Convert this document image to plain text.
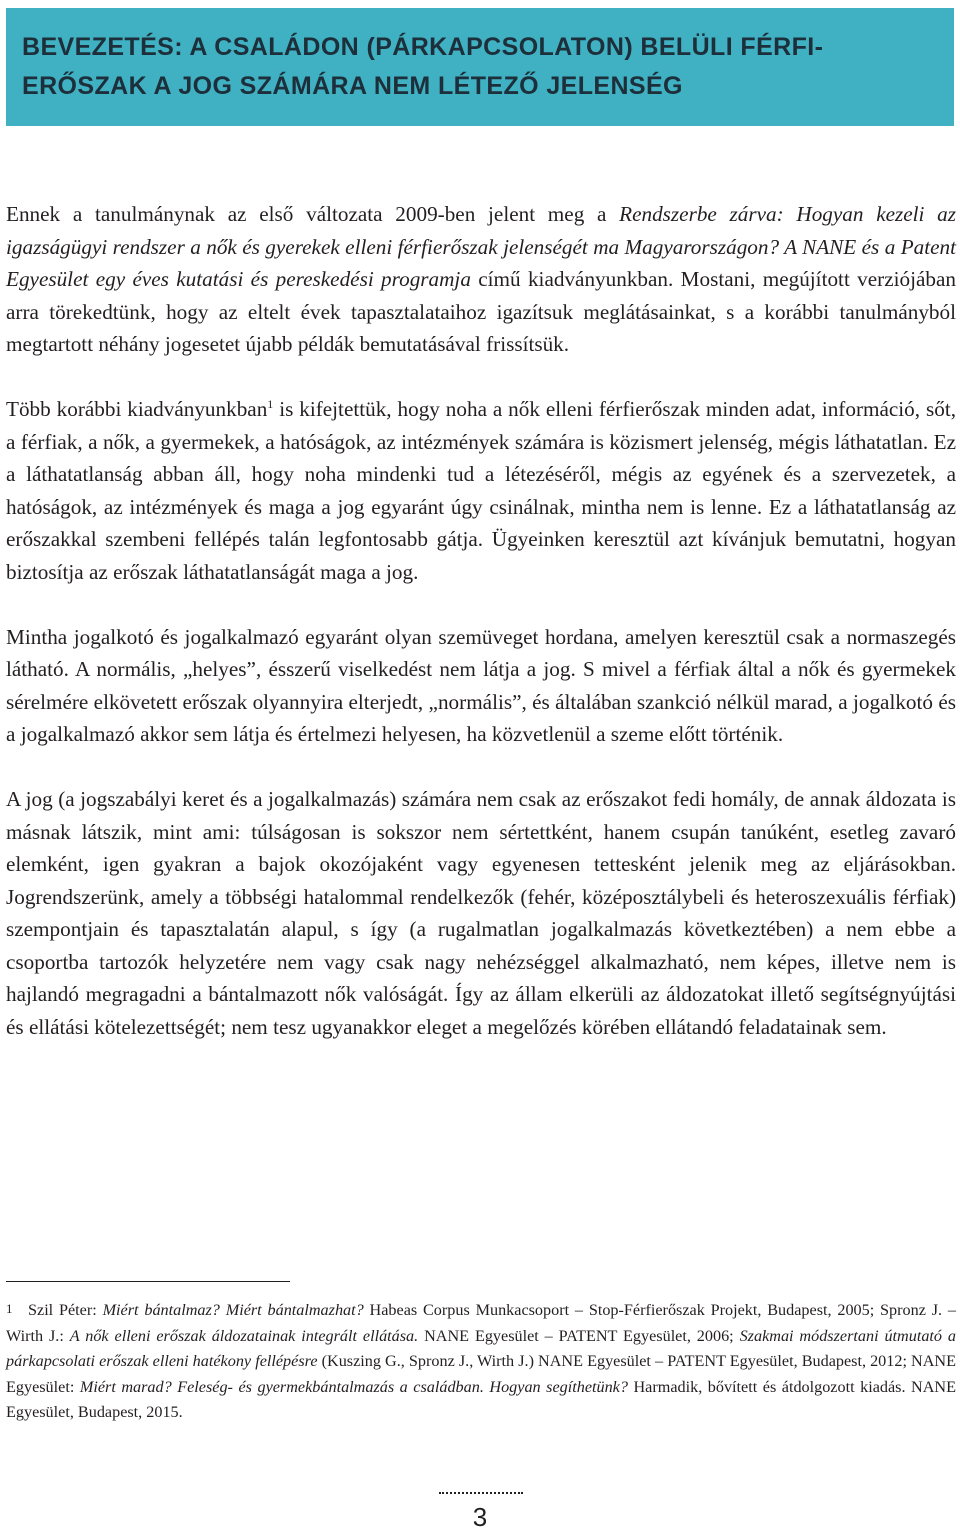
BEVEZETÉS: A CSALÁDON (PÁRKAPCSOLATON) BELÜLI FÉRFI-ERŐSZAK A JOG SZÁMÁRA NEM LÉTEZŐ JELENSÉG

Ennek a tanulmánynak az első változata 2009-ben jelent meg a Rendszerbe zárva: Hogyan kezeli az igazságügyi rendszer a nők és gyerekek elleni férfierőszak jelenségét ma Magyarországon? A NANE és a Patent Egyesület egy éves kutatási és pereskedési programja című kiadványunkban. Mostani, megújított verziójában arra törekedtünk, hogy az eltelt évek tapasztalataihoz igazítsuk meglátásainkat, s a korábbi tanulmányból megtartott néhány jogesetet újabb példák bemutatásával frissítsük.

Több korábbi kiadványunkban$^1$ is kifejtettük, hogy noha a nők elleni férfierőszak minden adat, információ, sőt, a férfiak, a nők, a gyermekek, a hatóságok, az intézmények számára is közismert jelenség, mégis láthatatlan. Ez a láthatatlanság abban áll, hogy noha mindenki tud a létezéséről, mégis az egyének és a szervezetek, a hatóságok, az intézmények és maga a jog egyaránt úgy csinálnak, mintha nem is lenne. Ez a láthatatlanság az erőszakkal szembeni fellépés talán legfontosabb gátja. Ügyeinken keresztül azt kívánjuk bemutatni, hogyan biztosítja az erőszak láthatatlanságát maga a jog.

Mintha jogalkotó és jogalkalmazó egyaránt olyan szemüveget hordana, amelyen keresztül csak a normaszegés látható. A normális, „helyes”, ésszerű viselkedést nem látja a jog. S mivel a férfiak által a nők és gyermekek sérelmére elkövetett erőszak olyannyira elterjedt, „normális”, és általában szankció nélkül marad, a jogalkotó és a jogalkalmazó akkor sem látja és értelmezi helyesen, ha közvetlenül a szeme előtt történik.

A jog (a jogszabályi keret és a jogalkalmazás) számára nem csak az erőszakot fedi homály, de annak áldozata is másnak látszik, mint ami: túlságosan is sokszor nem sértettként, hanem csupán tanúként, esetleg zavaró elemként, igen gyakran a bajok okozójaként vagy egyenesen tettesként jelenik meg az eljárásokban. Jogrendszerünk, amely a többségi hatalommal rendelkezők (fehér, középosztálybeli és heteroszexuális férfiak) szempontjain és tapasztalatán alapul, s így (a rugalmatlan jogalkalmazás következtében) a nem ebbe a csoportba tartozók helyzetére nem vagy csak nagy nehézséggel alkalmazható, nem képes, illetve nem is hajlandó megragadni a bántalmazott nők valóságát. Így az állam elkerüli az áldozatokat illető segítségnyújtási és ellátási kötelezettségét; nem tesz ugyanakkor eleget a megelőzés körében ellátandó feladatainak sem.

1 Szil Péter: Miért bántalmaz? Miért bántalmazhat? Habeas Corpus Munkacsoport – Stop-Férfierőszak Projekt, Budapest, 2005; Spronz J. – Wirth J.: A nők elleni erőszak áldozatainak integrált ellátása. NANE Egyesület – PATENT Egyesület, 2006; Szakmai módszertani útmutató a párkapcsolati erőszak elleni hatékony fellépésre (Kuszing G., Spronz J., Wirth J.) NANE Egyesület – PATENT Egyesület, Budapest, 2012; NANE Egyesület: Miért marad? Feleség- és gyermekbántalmazás a családban. Hogyan segíthetünk? Harmadik, bővített és átdolgozott kiadás. NANE Egyesület, Budapest, 2015.
3
